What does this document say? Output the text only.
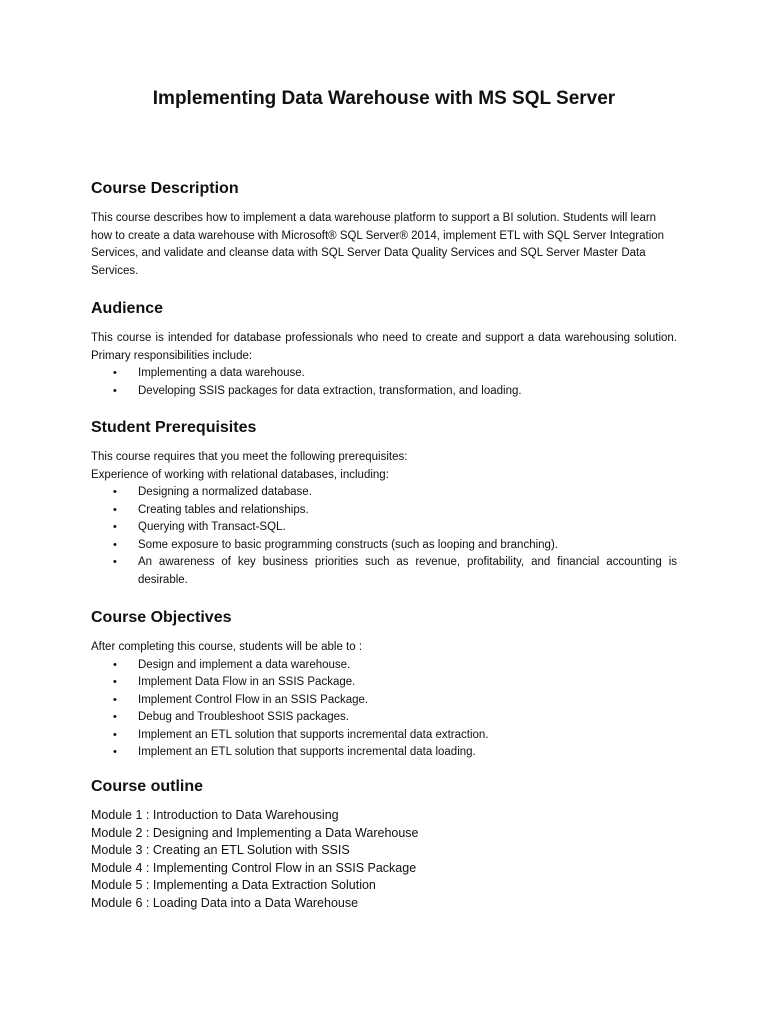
Implementing Data Warehouse with MS SQL Server
Course Description

This course describes how to implement a data warehouse platform to support a BI solution. Students will learn how to create a data warehouse with Microsoft® SQL Server® 2014, implement ETL with SQL Server Integration Services, and validate and cleanse data with SQL Server Data Quality Services and SQL Server Master Data Services.

Audience

This course is intended for database professionals who need to create and support a data warehousing solution. Primary responsibilities include:

• Implementing a data warehouse.
• Developing SSIS packages for data extraction, transformation, and loading.
Student Prerequisites

This course requires that you meet the following prerequisites:

Experience of working with relational databases, including:

• Designing a normalized database.
• Creating tables and relationships.
• Querying with Transact-SQL.
• Some exposure to basic programming constructs (such as looping and branching).
• An awareness of key business priorities such as revenue, profitability, and financial accounting is desirable.
Course Objectives

After completing this course, students will be able to :

• Design and implement a data warehouse.
• Implement Data Flow in an SSIS Package.
• Implement Control Flow in an SSIS Package.
• Debug and Troubleshoot SSIS packages.
• Implement an ETL solution that supports incremental data extraction.
• Implement an ETL solution that supports incremental data loading.
Course outline

Module 1 : Introduction to Data Warehousing

Module 2 : Designing and Implementing a Data Warehouse

Module 3 : Creating an ETL Solution with SSIS

Module 4 : Implementing Control Flow in an SSIS Package

Module 5 : Implementing a Data Extraction Solution

Module 6 : Loading Data into a Data Warehouse
